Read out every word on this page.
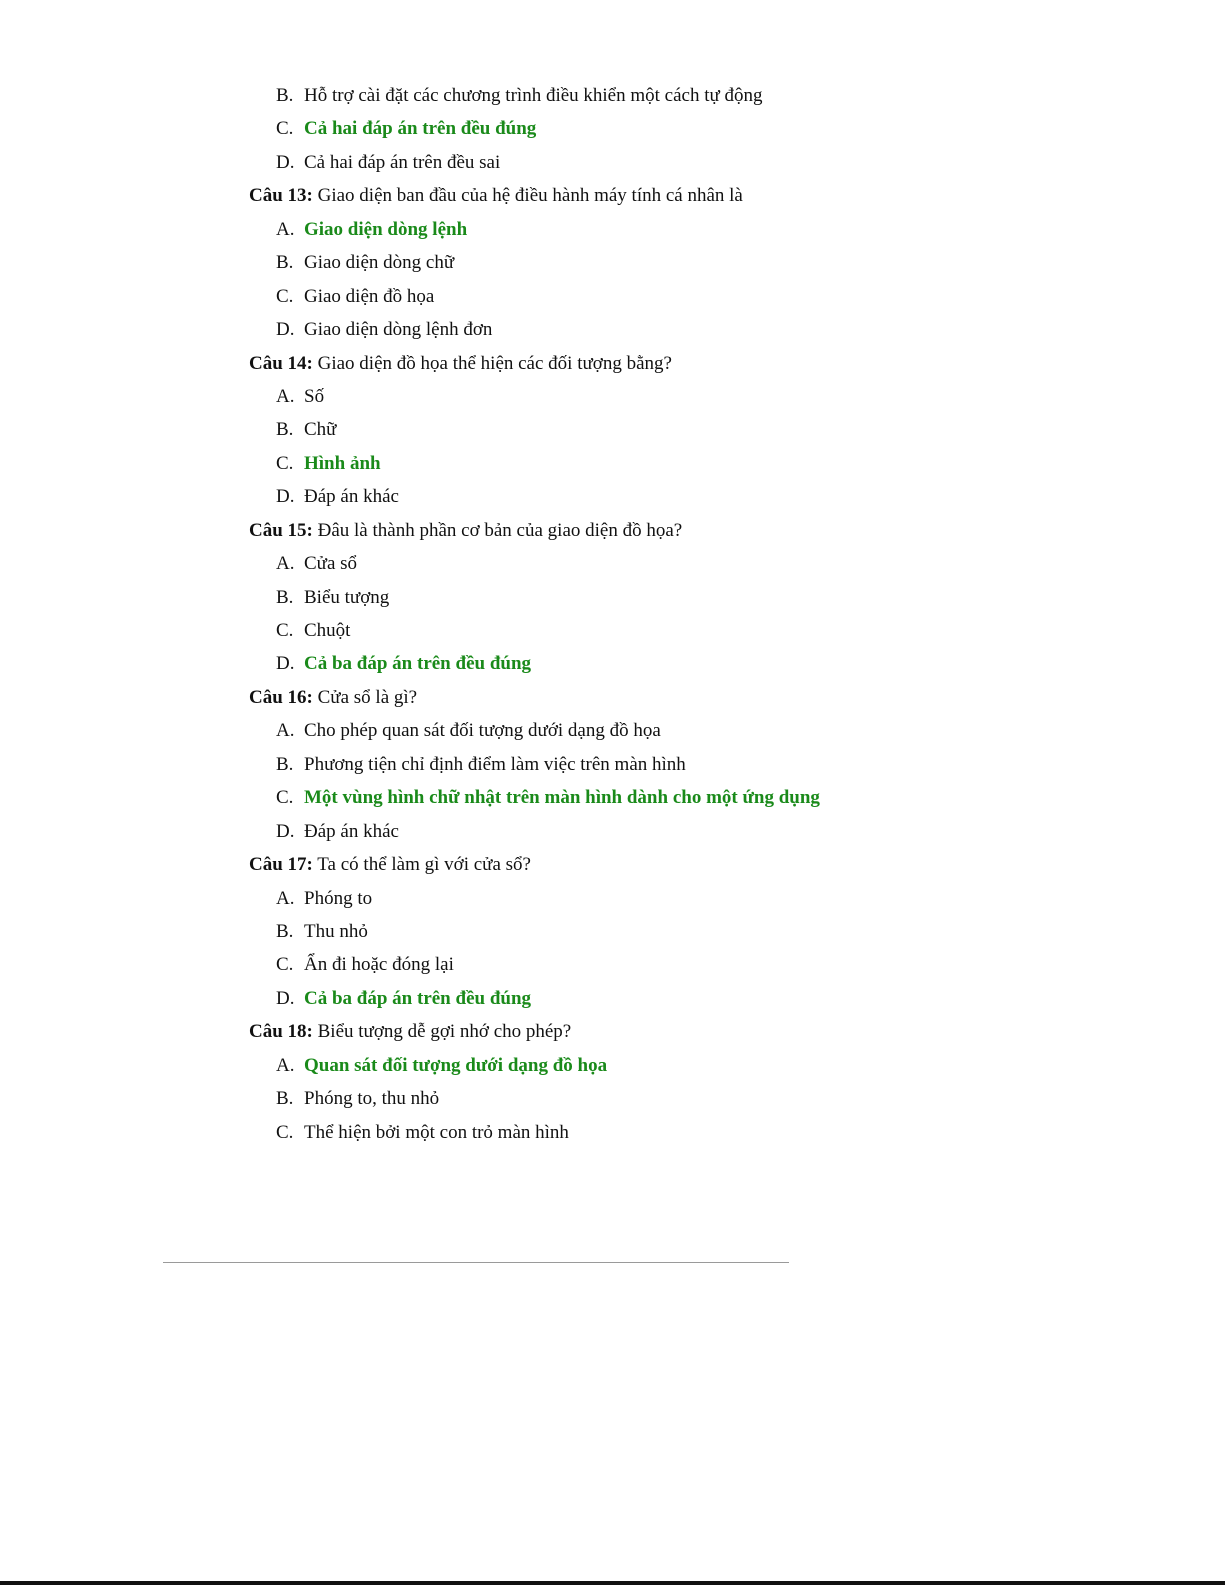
B. Hỗ trợ cài đặt các chương trình điều khiển một cách tự động
C. Cả hai đáp án trên đều đúng
D. Cả hai đáp án trên đều sai
Câu 13: Giao diện ban đầu của hệ điều hành máy tính cá nhân là
A. Giao diện dòng lệnh
B. Giao diện dòng chữ
C. Giao diện đồ họa
D. Giao diện dòng lệnh đơn
Câu 14: Giao diện đồ họa thể hiện các đối tượng bằng?
A. Số
B. Chữ
C. Hình ảnh
D. Đáp án khác
Câu 15: Đâu là thành phần cơ bản của giao diện đồ họa?
A. Cửa sổ
B. Biểu tượng
C. Chuột
D. Cả ba đáp án trên đều đúng
Câu 16: Cửa sổ là gì?
A. Cho phép quan sát đối tượng dưới dạng đồ họa
B. Phương tiện chỉ định điểm làm việc trên màn hình
C. Một vùng hình chữ nhật trên màn hình dành cho một ứng dụng
D. Đáp án khác
Câu 17: Ta có thể làm gì với cửa sổ?
A. Phóng to
B. Thu nhỏ
C. Ẩn đi hoặc đóng lại
D. Cả ba đáp án trên đều đúng
Câu 18: Biểu tượng dễ gợi nhớ cho phép?
A. Quan sát đối tượng dưới dạng đồ họa
B. Phóng to, thu nhỏ
C. Thể hiện bởi một con trỏ màn hình
